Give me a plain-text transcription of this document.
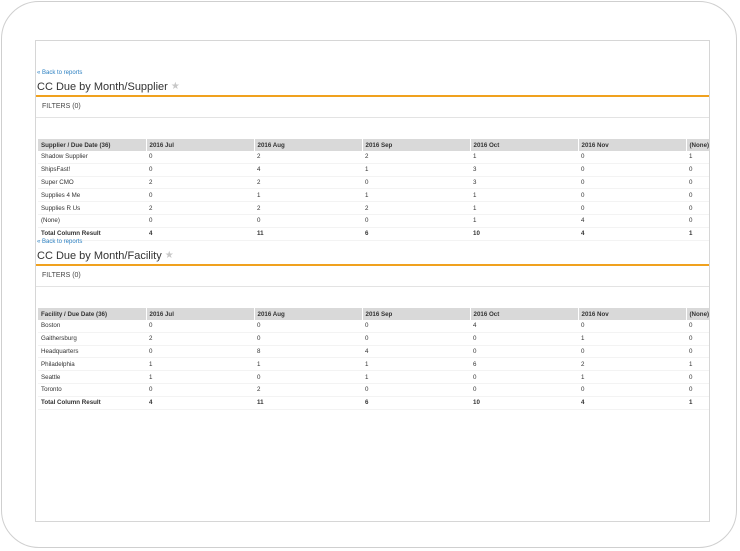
« Back to reports
CC Due by Month/Supplier ★
FILTERS (0)
Supplier / Due Date (36)	2016 Jul	2016 Aug	2016 Sep	2016 Oct	2016 Nov	(None)
Shadow Supplier	0	2	2	1	0	1
ShipsFast!	0	4	1	3	0	0
Super CMO	2	2	0	3	0	0
Supplies 4 Me	0	1	1	1	0	0
Supplies R Us	2	2	2	1	0	0
(None)	0	0	0	1	4	0
Total Column Result	4	11	6	10	4	1
« Back to reports
CC Due by Month/Facility ★
FILTERS (0)
Facility / Due Date (36)	2016 Jul	2016 Aug	2016 Sep	2016 Oct	2016 Nov	(None)
Boston	0	0	0	4	0	0
Gaithersburg	2	0	0	0	1	0
Headquarters	0	8	4	0	0	0
Philadelphia	1	1	1	6	2	1
Seattle	1	0	1	0	1	0
Toronto	0	2	0	0	0	0
Total Column Result	4	11	6	10	4	1
